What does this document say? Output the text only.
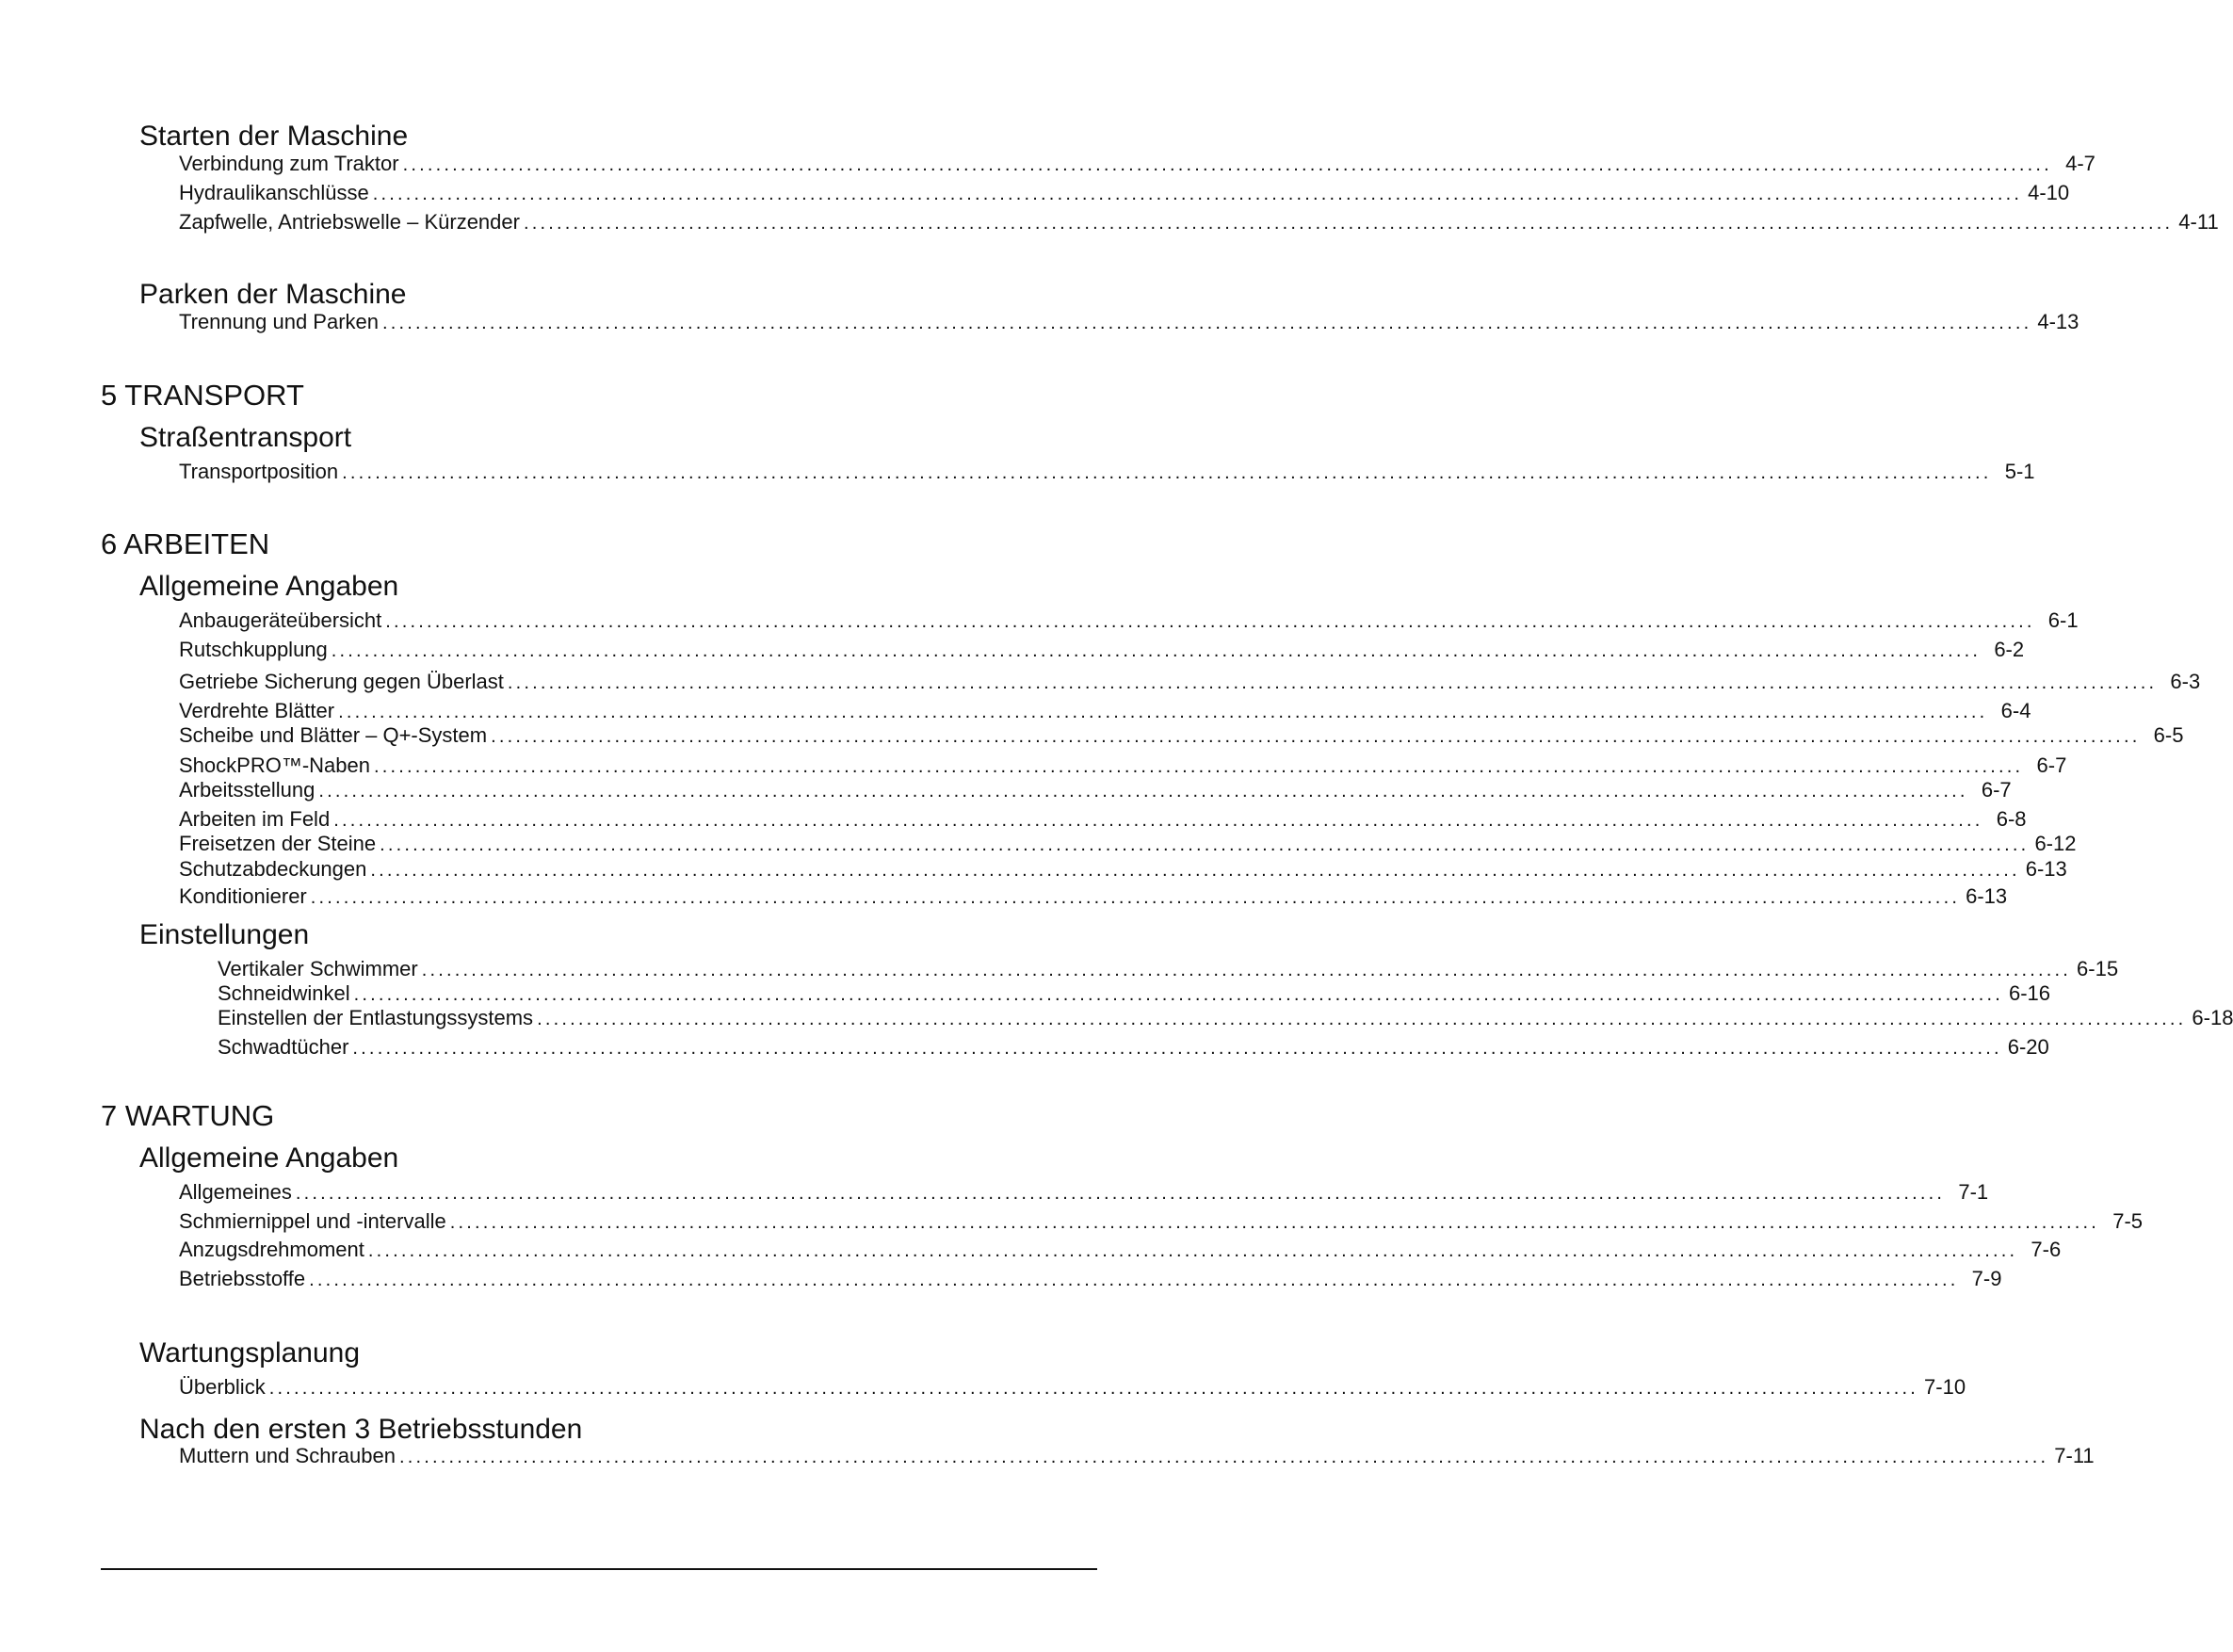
Starten der Maschine
Verbindung zum Traktor ........................................................................................................................................................................................................ 4-7
Hydraulikanschlüsse ........................................................................................................................................................................................................ 4-10
Zapfwelle, Antriebswelle – Kürzender ........................................................................................................................................................................................................ 4-11
Parken der Maschine
Trennung und Parken ........................................................................................................................................................................................................ 4-13
5 TRANSPORT
Straßentransport
Transportposition ........................................................................................................................................................................................................ 5-1
6 ARBEITEN
Allgemeine Angaben
Anbaugeräteübersicht ........................................................................................................................................................................................................ 6-1
Rutschkupplung ........................................................................................................................................................................................................ 6-2
Getriebe Sicherung gegen Überlast ........................................................................................................................................................................................................ 6-3
Verdrehte Blätter ........................................................................................................................................................................................................ 6-4
Scheibe und Blätter – Q+-System ........................................................................................................................................................................................................ 6-5
ShockPRO™-Naben ........................................................................................................................................................................................................ 6-7
Arbeitsstellung ........................................................................................................................................................................................................ 6-7
Arbeiten im Feld ........................................................................................................................................................................................................ 6-8
Freisetzen der Steine ........................................................................................................................................................................................................ 6-12
Schutzabdeckungen ........................................................................................................................................................................................................ 6-13
Konditionierer ........................................................................................................................................................................................................ 6-13
Einstellungen
Vertikaler Schwimmer ........................................................................................................................................................................................................ 6-15
Schneidwinkel ........................................................................................................................................................................................................ 6-16
Einstellen der Entlastungssystems ........................................................................................................................................................................................................ 6-18
Schwadtücher ........................................................................................................................................................................................................ 6-20
7 WARTUNG
Allgemeine Angaben
Allgemeines ........................................................................................................................................................................................................ 7-1
Schmiernippel und -intervalle ........................................................................................................................................................................................................ 7-5
Anzugsdrehmoment ........................................................................................................................................................................................................ 7-6
Betriebsstoffe ........................................................................................................................................................................................................ 7-9
Wartungsplanung
Überblick ........................................................................................................................................................................................................ 7-10
Nach den ersten 3 Betriebsstunden
Muttern und Schrauben ........................................................................................................................................................................................................ 7-11
